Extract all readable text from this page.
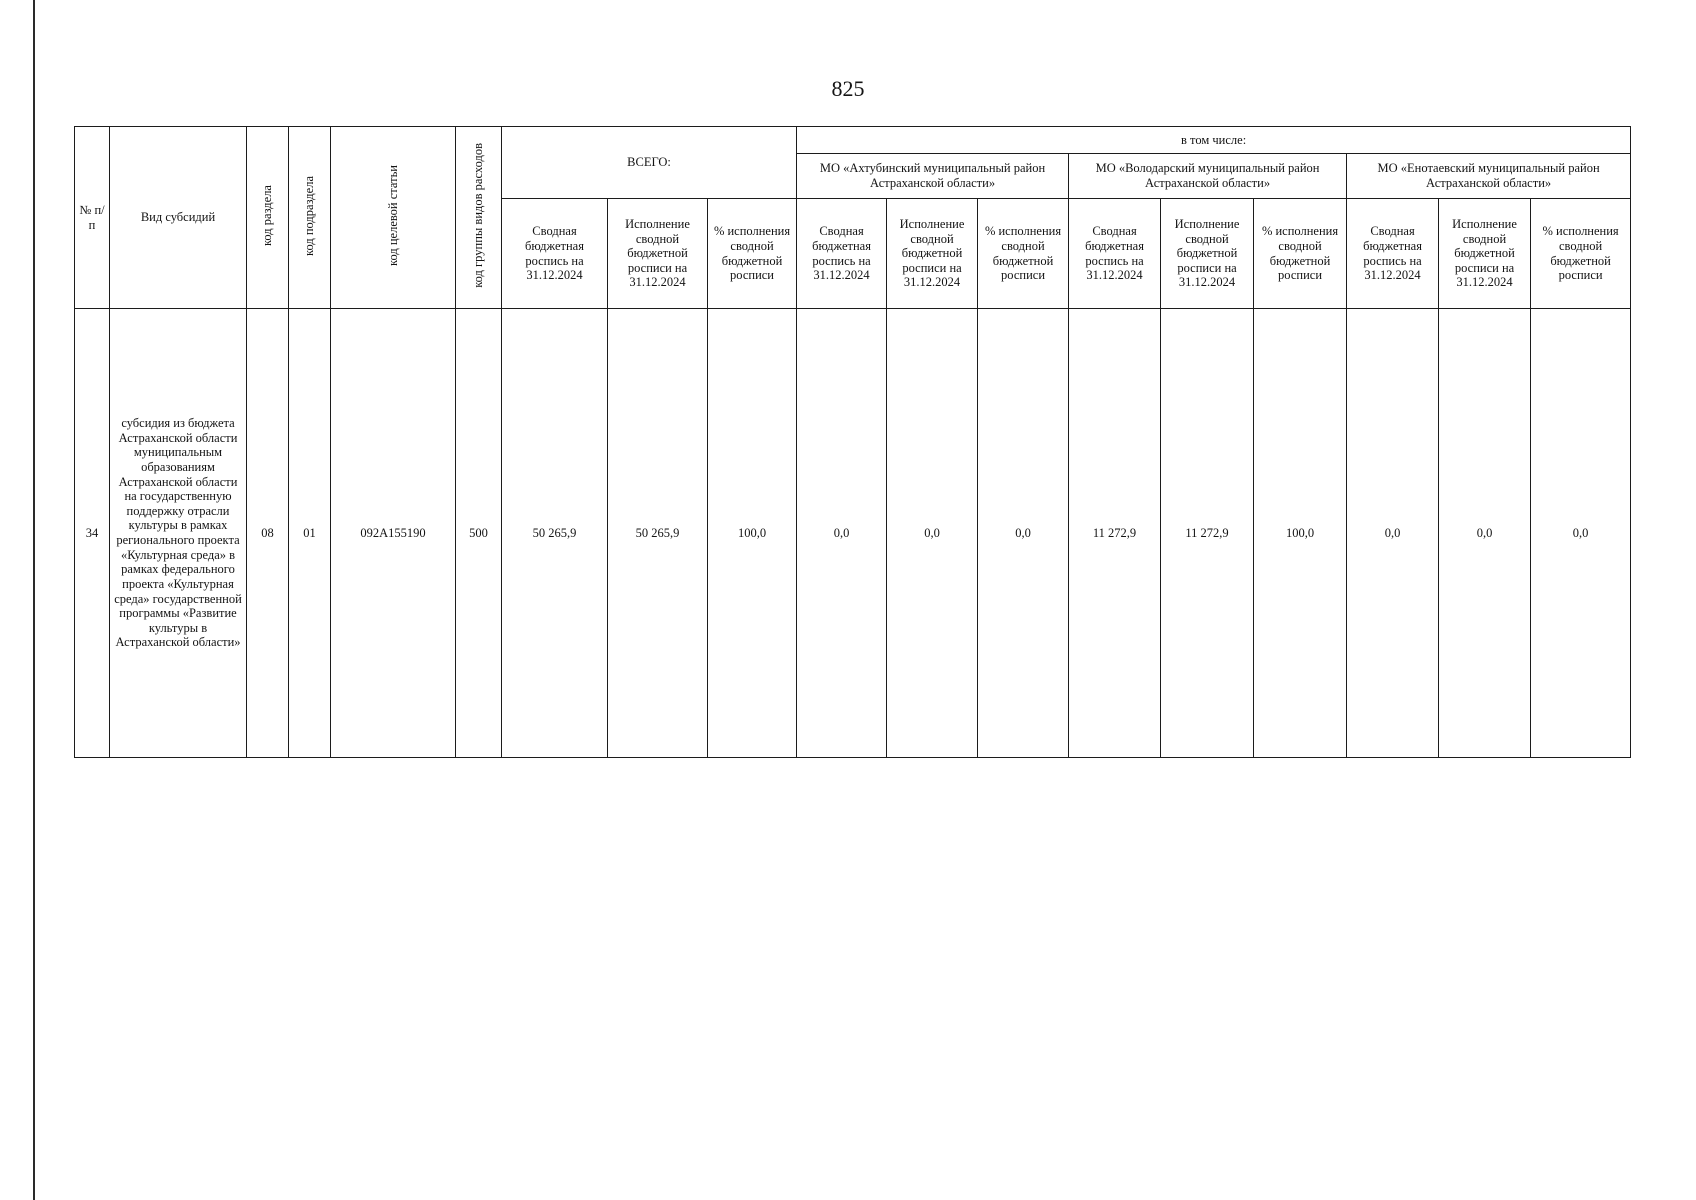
825
№ п/п	Вид субсидий	код раздела	код подраздела	код целевой статьи	код группы видов расходов	ВСЕГО:			в том числе:								
									МО «Ахтубинский муниципальный район Астраханской области»			МО «Володарский муниципальный район Астраханской области»			МО «Енотаевский муниципальный район Астраханской области»		
						Сводная бюджетная роспись на 31.12.2024	Исполнение сводной бюджетной росписи на 31.12.2024	% исполнения сводной бюджетной росписи	Сводная бюджетная роспись на 31.12.2024	Исполнение сводной бюджетной росписи на 31.12.2024	% исполнения сводной бюджетной росписи	Сводная бюджетная роспись на 31.12.2024	Исполнение сводной бюджетной росписи на 31.12.2024	% исполнения сводной бюджетной росписи	Сводная бюджетная роспись на 31.12.2024	Исполнение сводной бюджетной росписи на 31.12.2024	% исполнения сводной бюджетной росписи
34	субсидия из бюджета Астраханской области муниципальным образованиям Астраханской области на государственную поддержку отрасли культуры в рамках регионального проекта «Культурная среда» в рамках федерального проекта «Культурная среда» государственной программы «Развитие культуры в Астраханской области»	08	01	092A155190	500	50 265,9	50 265,9	100,0	0,0	0,0	0,0	11 272,9	11 272,9	100,0	0,0	0,0	0,0
